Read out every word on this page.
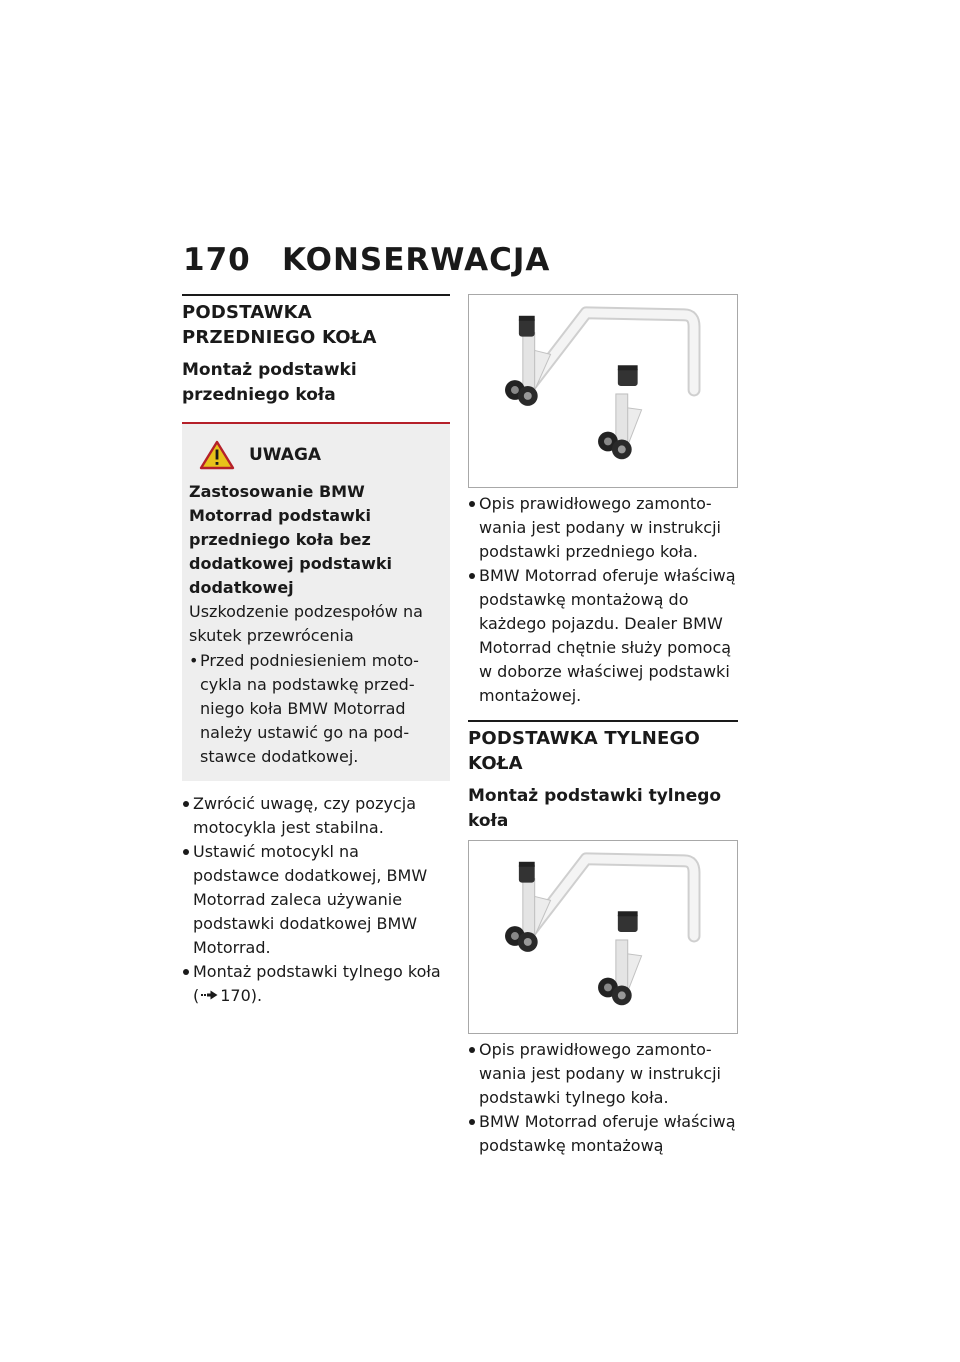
170 KONSERWACJA
PODSTAWKA PRZEDNIEGO KOŁA
Montaż podstawki przedniego koła
UWAGA
Zastosowanie BMW Motorrad podstawki przedniego koła bez dodatkowej podstawki dodatkowej
Uszkodzenie podzespołów na skutek przewrócenia
• Przed podniesieniem motocykla na podstawkę przedniego koła BMW Motorrad należy ustawić go na podstawce dodatkowej.
Zwrócić uwagę, czy pozycja motocykla jest stabilna.
Ustawić motocykl na podstawce dodatkowej, BMW Motorrad zaleca używanie podstawki dodatkowej BMW Motorrad.
Montaż podstawki tylnego koła ( 170).
Opis prawidłowego zamontowania jest podany w instrukcji podstawki przedniego koła.
BMW Motorrad oferuje właściwą podstawkę montażową do każdego pojazdu. Dealer BMW Motorrad chętnie służy pomocą w doborze właściwej podstawki montażowej.
PODSTAWKA TYLNEGO KOŁA
Montaż podstawki tylnego koła
Opis prawidłowego zamontowania jest podany w instrukcji podstawki tylnego koła.
BMW Motorrad oferuje właściwą podstawkę montażową
